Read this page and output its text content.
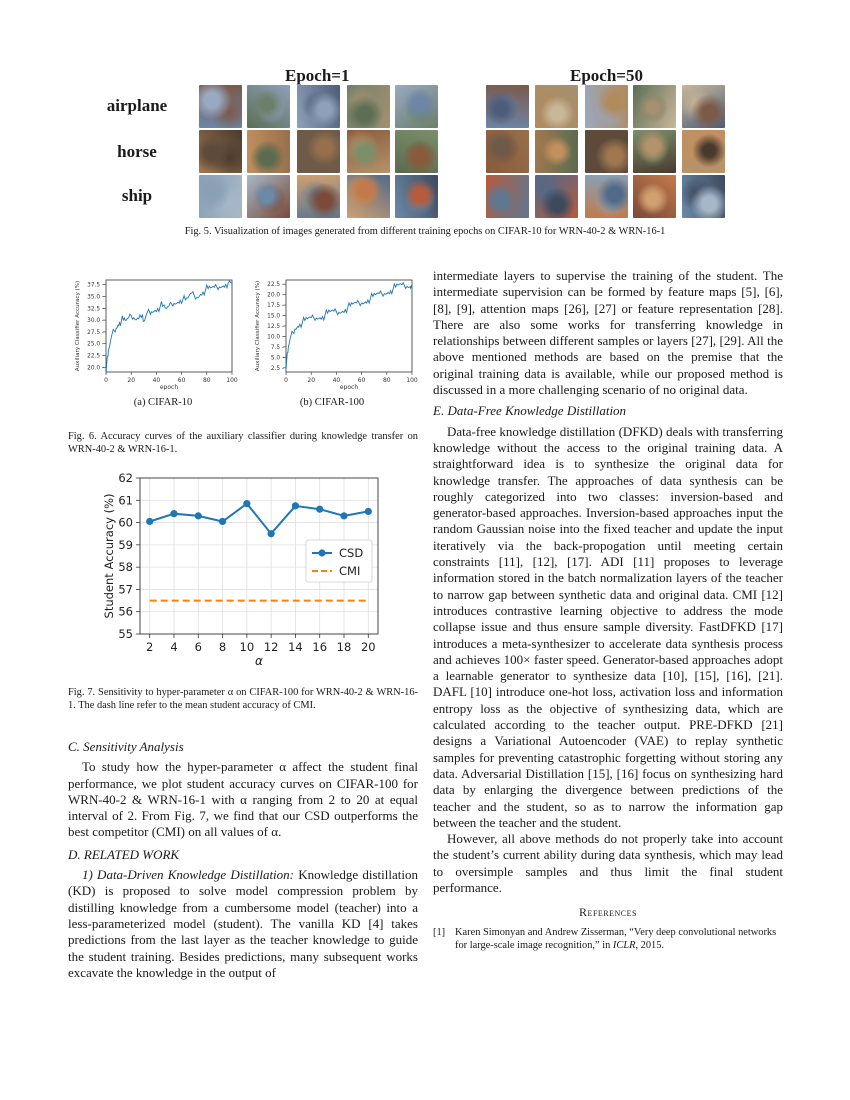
Epoch=1	Epoch=50
airplane
horse
ship
Fig. 5. Visualization of images generated from different training epochs on CIFAR-10 for WRN-40-2 & WRN-16-1
37.5 -
35.0 -
32.5 -
30.0 -
27.5 -
25.0 -
22.5 -
20.0 -
0	20	40	60	80	100
epoch
Auxiliary Classifier Accuracy (%)	22.5 -
20.0 -
17.5 -
15.0 -
12.5 -
10.0 -
7.5 -
5.0 -
2.5 -
0	20	40	60	80	100
epoch
Auxiliary Classifier Accuracy (%)
(a) CIFAR-10	(b) CIFAR-100
Fig. 6. Accuracy curves of the auxiliary classifier during knowledge transfer on WRN-40-2 & WRN-16-1.
62
61
60
59
58
57
56
55
2 4 6 8 10 12 14 16 18 20
α
Student Accuracy (%)	CSD
CMI
Fig. 7. Sensitivity to hyper-parameter α on CIFAR-100 for WRN-40-2 & WRN-16-1. The dash line refer to the mean student accuracy of CMI.

C. Sensitivity Analysis

To study how the hyper-parameter α affect the student final performance, we plot student accuracy curves on CIFAR-100 for WRN-40-2 & WRN-16-1 with α ranging from 2 to 20 at equal interval of 2. From Fig. 7, we find that our CSD outperforms the best competitor (CMI) on all values of α.

D. RELATED WORK

1) Data-Driven Knowledge Distillation: Knowledge distillation (KD) is proposed to solve model compression problem by distilling knowledge from a cumbersome model (teacher) into a less-parameterized model (student). The vanilla KD [4] takes predictions from the last layer as the teacher knowledge to guide the student training. Besides predictions, many subsequent works excavate the knowledge in the output of

intermediate layers to supervise the training of the student. The intermediate supervision can be formed by feature maps [5], [6], [8], [9], attention maps [26], [27] or feature representation [28]. There are also some works for transferring knowledge in relationships between different samples or layers [27], [29]. All the above mentioned methods are based on the premise that the original training data is available, while our proposed method is discussed in a more challenging scenario of no original data.

E. Data-Free Knowledge Distillation

Data-free knowledge distillation (DFKD) deals with transferring knowledge without the access to the original training data. A straightforward idea is to synthesize the original data for knowledge transfer. The approaches of data synthesis can be roughly categorized into two classes: inversion-based and generator-based approaches. Inversion-based approaches input the random Gaussian noise into the fixed teacher and update the input iteratively via the back-propogation until meeting certain constraints [11], [12], [17]. ADI [11] proposes to leverage information stored in the batch normalization layers of the teacher to narrow gap between synthetic data and original data. CMI [12] introduces contrastive learning objective to address the mode collapse issue and thus ensure sample diversity. FastDFKD [17] introduces a meta-synthesizer to accelerate data synthesis process and achieves 100× faster speed. Generator-based approaches adopt a learnable generator to synthesize data [10], [15], [16], [21]. DAFL [10] introduce one-hot loss, activation loss and information entropy loss as the objective of synthesizing data, which are calculated according to the teacher output. PRE-DFKD [21] designs a Variational Autoencoder (VAE) to replay synthetic samples for preventing catastrophic forgetting without storing any data. Adversarial Distillation [15], [16] focus on synthesizing hard data by enlarging the divergence between predictions of the teacher and the student, so as to narrow the information gap between the teacher and the student.

However, all above methods do not properly take into account the student’s current ability during data synthesis, which may lead to oversimple samples and thus limit the final student performance.

References

[1] Karen Simonyan and Andrew Zisserman, “Very deep convolutional networks for large-scale image recognition,” in ICLR, 2015.
